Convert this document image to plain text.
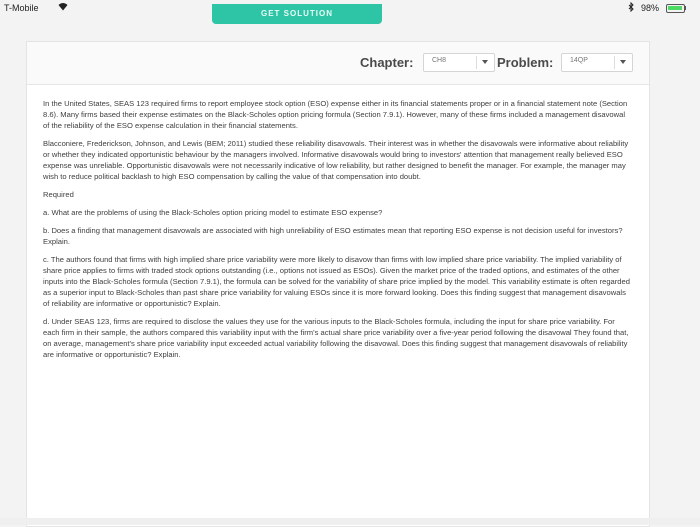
T-Mobile	98%
GET SOLUTION
Chapter:	CH8	Problem: 14QP

In the United States, SEAS 123 required firms to report employee stock option (ESO) expense either in its financial statements proper or in a financial statement note (Section 8.6). Many firms based their expense estimates on the Black-Scholes option pricing formula (Section 7.9.1). However, many of these firms included a management disavowal of the reliability of the ESO expense calculation in their financial statements.

Blacconiere, Frederickson, Johnson, and Lewis (BEM; 2011) studied these reliability disavowals. Their interest was in whether the disavowals were informative about reliability or whether they indicated opportunistic behaviour by the managers involved. Informative disavowals would bring to investors' attention that management really believed ESO expense was unreliable. Opportunistic disavowals were not necessarily indicative of low reliability, but rather designed to benefit the manager. For example, the manager may wish to reduce political backlash to high ESO compensation by calling the value of that compensation into doubt.

Required

a. What are the problems of using the Black-Scholes option pricing model to estimate ESO expense?

b. Does a finding that management disavowals are associated with high unreliability of ESO estimates mean that reporting ESO expense is not decision useful for investors? Explain.

c. The authors found that firms with high implied share price variability were more likely to disavow than firms with low implied share price variability. The implied variability of share price applies to firms with traded stock options outstanding (i.e., options not issued as ESOs). Given the market price of the traded options, and estimates of the other inputs into the Black-Scholes formula (Section 7.9.1), the formula can be solved for the variability of share price implied by the model. This variability estimate is often regarded as a superior input to Black-Scholes than past share price variability for valuing ESOs since it is more forward looking. Does this finding suggest that management disavowals of reliability are informative or opportunistic? Explain.

d. Under SEAS 123, firms are required to disclose the values they use for the various inputs to the Black-Scholes formula, including the input for share price variability. For each firm in their sample, the authors compared this variability input with the firm's actual share price variability over a five-year period following the disavowal They found that, on average, management's share price variability input exceeded actual variability following the disavowal. Does this finding suggest that management disavowals of reliability are informative or opportunistic? Explain.
